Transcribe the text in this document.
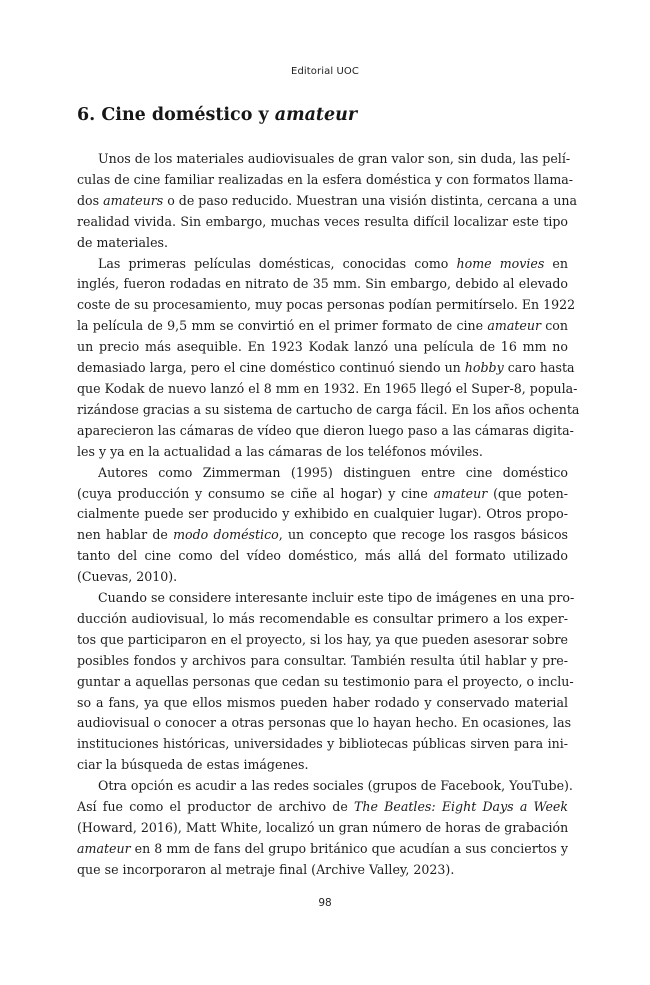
Editorial UOC
6. Cine doméstico y amateur
Unos de los materiales audiovisuales de gran valor son, sin duda, las pelí-
culas de cine familiar realizadas en la esfera doméstica y con formatos llama-
dos amateurs o de paso reducido. Muestran una visión distinta, cercana a una
realidad vivida. Sin embargo, muchas veces resulta difícil localizar este tipo
de materiales.
Las primeras películas domésticas, conocidas como home movies en
inglés, fueron rodadas en nitrato de 35 mm. Sin embargo, debido al elevado
coste de su procesamiento, muy pocas personas podían permitírselo. En 1922
la película de 9,5 mm se convirtió en el primer formato de cine amateur con
un precio más asequible. En 1923 Kodak lanzó una película de 16 mm no
demasiado larga, pero el cine doméstico continuó siendo un hobby caro hasta
que Kodak de nuevo lanzó el 8 mm en 1932. En 1965 llegó el Super-8, popula-
rizándose gracias a su sistema de cartucho de carga fácil. En los años ochenta
aparecieron las cámaras de vídeo que dieron luego paso a las cámaras digita-
les y ya en la actualidad a las cámaras de los teléfonos móviles.
Autores como Zimmerman (1995) distinguen entre cine doméstico
(cuya producción y consumo se ciñe al hogar) y cine amateur (que poten-
cialmente puede ser producido y exhibido en cualquier lugar). Otros propo-
nen hablar de modo doméstico, un concepto que recoge los rasgos básicos
tanto del cine como del vídeo doméstico, más allá del formato utilizado
(Cuevas, 2010).
Cuando se considere interesante incluir este tipo de imágenes en una pro-
ducción audiovisual, lo más recomendable es consultar primero a los exper-
tos que participaron en el proyecto, si los hay, ya que pueden asesorar sobre
posibles fondos y archivos para consultar. También resulta útil hablar y pre-
guntar a aquellas personas que cedan su testimonio para el proyecto, o inclu-
so a fans, ya que ellos mismos pueden haber rodado y conservado material
audiovisual o conocer a otras personas que lo hayan hecho. En ocasiones, las
instituciones históricas, universidades y bibliotecas públicas sirven para ini-
ciar la búsqueda de estas imágenes.
Otra opción es acudir a las redes sociales (grupos de Facebook, YouTube).
Así fue como el productor de archivo de The Beatles: Eight Days a Week
(Howard, 2016), Matt White, localizó un gran número de horas de grabación
amateur en 8 mm de fans del grupo británico que acudían a sus conciertos y
que se incorporaron al metraje final (Archive Valley, 2023).
98
